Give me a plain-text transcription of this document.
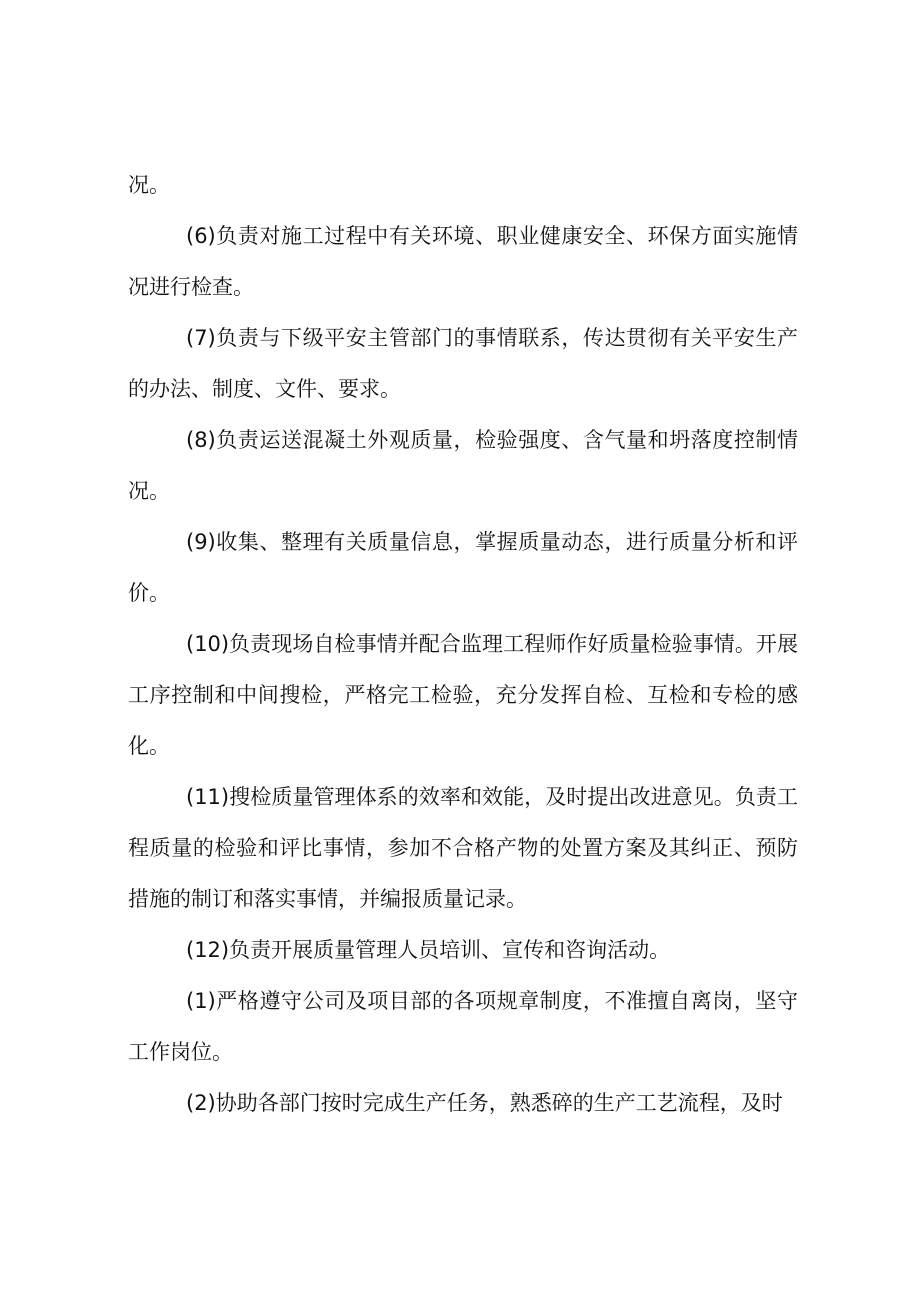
况。

(6)负责对施工过程中有关环境、职业健康安全、环保方面实施情况进行检查。

(7)负责与下级平安主管部门的事情联系，传达贯彻有关平安生产的办法、制度、文件、要求。

(8)负责运送混凝土外观质量，检验强度、含气量和坍落度控制情况。

(9)收集、整理有关质量信息，掌握质量动态，进行质量分析和评价。

(10)负责现场自检事情并配合监理工程师作好质量检验事情。开展工序控制和中间搜检，严格完工检验，充分发挥自检、互检和专检的感化。

(11)搜检质量管理体系的效率和效能，及时提出改进意见。负责工程质量的检验和评比事情，参加不合格产物的处置方案及其纠正、预防措施的制订和落实事情，并编报质量记录。

(12)负责开展质量管理人员培训、宣传和咨询活动。

(1)严格遵守公司及项目部的各项规章制度，不准擅自离岗，坚守工作岗位。

(2)协助各部门按时完成生产任务，熟悉碎的生产工艺流程，及时
